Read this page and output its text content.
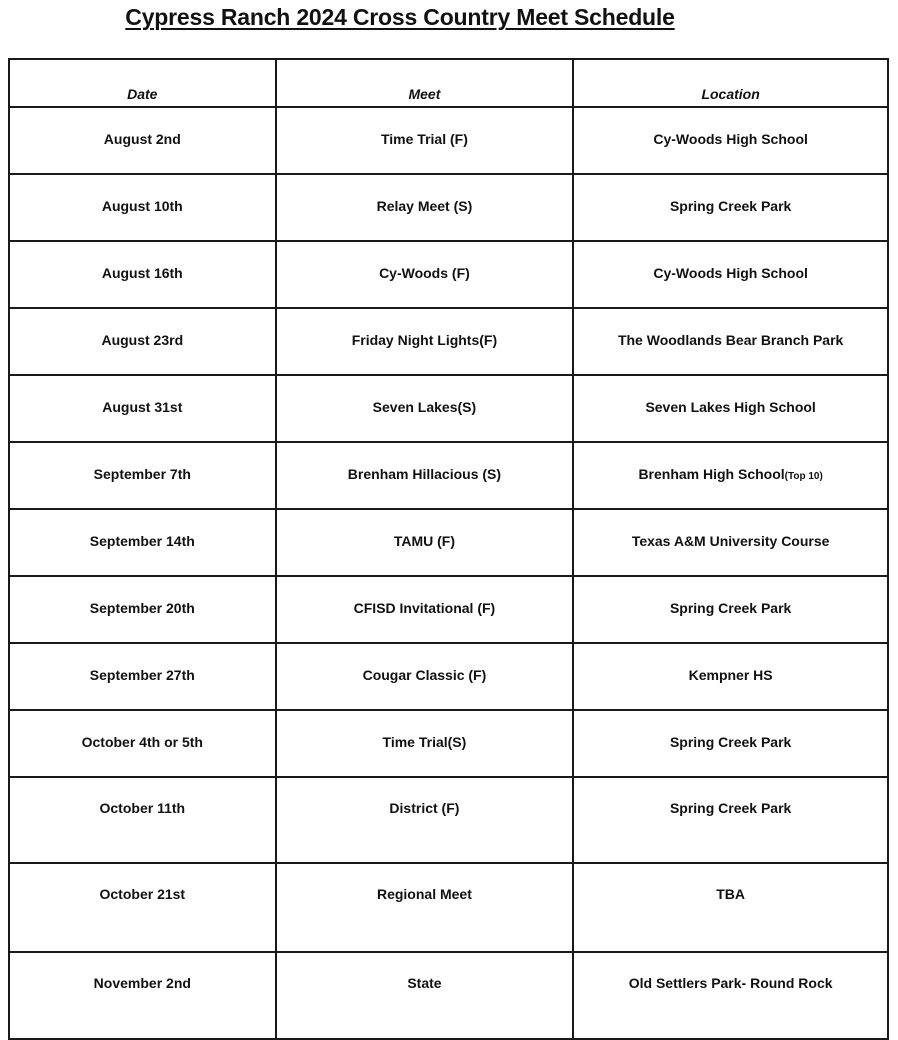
Cypress Ranch 2024 Cross Country Meet Schedule
Date	Meet	Location
August 2nd	Time Trial (F)	Cy-Woods High School
August 10th	Relay Meet (S)	Spring Creek Park
August 16th	Cy-Woods (F)	Cy-Woods High School
August 23rd	Friday Night Lights(F)	The Woodlands Bear Branch Park
August 31st	Seven Lakes(S)	Seven Lakes High School
September 7th	Brenham Hillacious (S)	Brenham High School(Top 10)
September 14th	TAMU (F)	Texas A&M University Course
September 20th	CFISD Invitational (F)	Spring Creek Park
September 27th	Cougar Classic (F)	Kempner HS
October 4th or 5th	Time Trial(S)	Spring Creek Park
October 11th	District (F)	Spring Creek Park
October 21st	Regional Meet	TBA
November 2nd	State	Old Settlers Park- Round Rock
